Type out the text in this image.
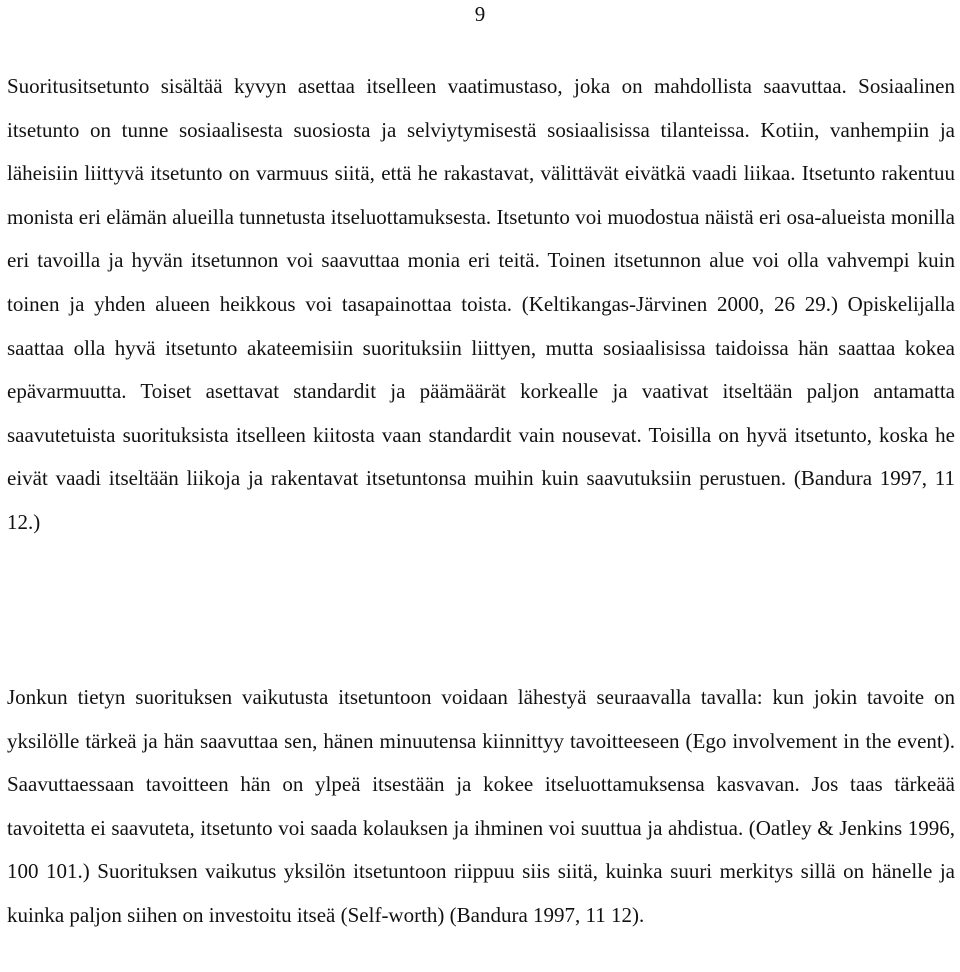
9

Suoritusitsetunto sisältää kyvyn asettaa itselleen vaatimustaso, joka on mahdollista saavuttaa. Sosiaalinen itsetunto on tunne sosiaalisesta suosiosta ja selviytymisestä sosiaalisissa tilanteissa. Kotiin, vanhempiin ja läheisiin liittyvä itsetunto on varmuus siitä, että he rakastavat, välittävät eivätkä vaadi liikaa. Itsetunto rakentuu monista eri elämän alueilla tunnetusta itseluottamuksesta. Itsetunto voi muodostua näistä eri osa-alueista monilla eri tavoilla ja hyvän itsetunnon voi saavuttaa monia eri teitä. Toinen itsetunnon alue voi olla vahvempi kuin toinen ja yhden alueen heikkous voi tasapainottaa toista. (Keltikangas-Järvinen 2000, 26 29.) Opiskelijalla saattaa olla hyvä itsetunto akateemisiin suorituksiin liittyen, mutta sosiaalisissa taidoissa hän saattaa kokea epävarmuutta. Toiset asettavat standardit ja päämäärät korkealle ja vaativat itseltään paljon antamatta saavutetuista suorituksista itselleen kiitosta vaan standardit vain nousevat. Toisilla on hyvä itsetunto, koska he eivät vaadi itseltään liikoja ja rakentavat itsetuntonsa muihin kuin saavutuksiin perustuen. (Bandura 1997, 11 12.)

Jonkun tietyn suorituksen vaikutusta itsetuntoon voidaan lähestyä seuraavalla tavalla: kun jokin tavoite on yksilölle tärkeä ja hän saavuttaa sen, hänen minuutensa kiinnittyy tavoitteeseen (Ego involvement in the event). Saavuttaessaan tavoitteen hän on ylpeä itsestään ja kokee itseluottamuksensa kasvavan. Jos taas tärkeää tavoitetta ei saavuteta, itsetunto voi saada kolauksen ja ihminen voi suuttua ja ahdistua. (Oatley & Jenkins 1996, 100 101.) Suorituksen vaikutus yksilön itsetuntoon riippuu siis siitä, kuinka suuri merkitys sillä on hänelle ja kuinka paljon siihen on investoitu itseä (Self-worth) (Bandura 1997, 11 12).
